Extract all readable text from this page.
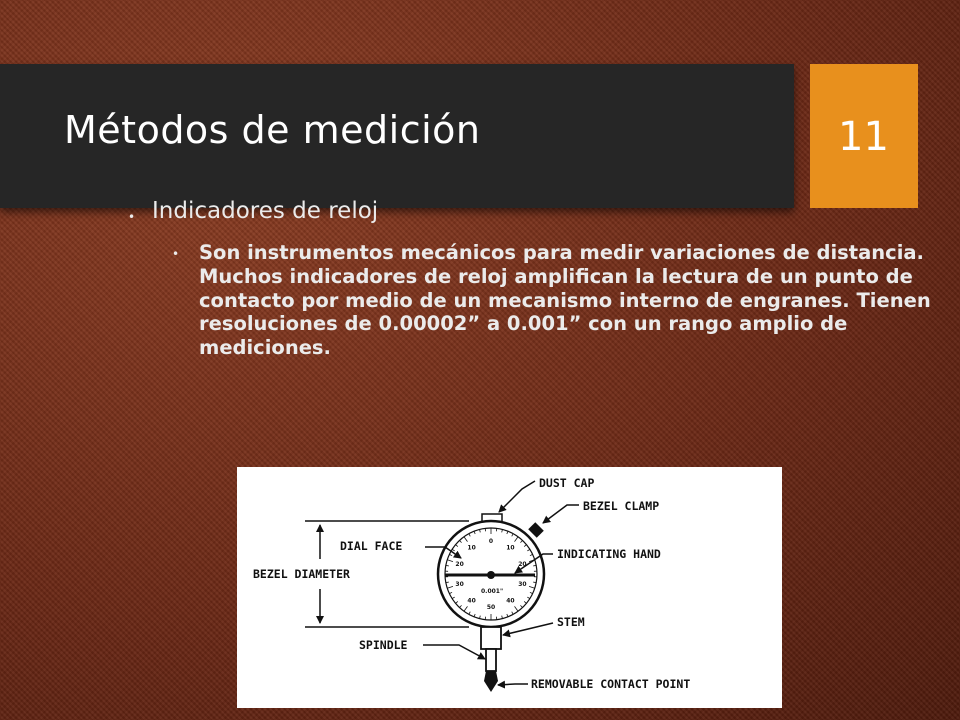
Métodos de medición	11
• Indicadores de reloj
• Son instrumentos mecánicos para medir variaciones de distancia. Muchos indicadores de reloj amplifican la lectura de un punto de contacto por medio de un mecanismo interno de engranes. Tienen resoluciones de 0.00002” a 0.001” con un rango amplio de mediciones.
0
10
20
30
40
50
40
30
20
10
0.001"
DUST CAP
BEZEL CLAMP
DIAL FACE
INDICATING HAND
BEZEL DIAMETER
STEM
SPINDLE
REMOVABLE CONTACT POINT
